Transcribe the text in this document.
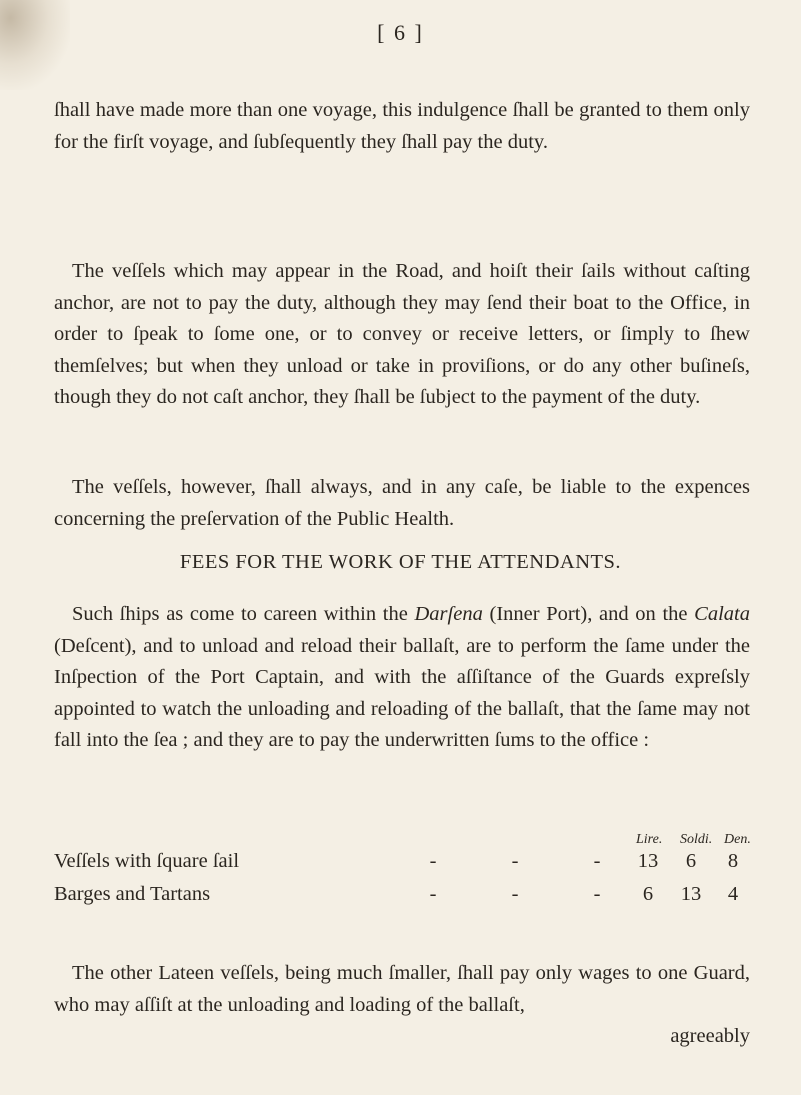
[ 6 ]

ſhall have made more than one voyage, this indulgence ſhall be granted to them only for the firſt voyage, and ſubſequently they ſhall pay the duty.

The veſſels which may appear in the Road, and hoiſt their ſails without caſting anchor, are not to pay the duty, although they may ſend their boat to the Office, in order to ſpeak to ſome one, or to convey or receive letters, or ſimply to ſhew themſelves; but when they unload or take in proviſions, or do any other buſineſs, though they do not caſt anchor, they ſhall be ſubject to the payment of the duty.

The veſſels, however, ſhall always, and in any caſe, be liable to the expences concerning the preſervation of the Public Health.

FEES FOR THE WORK OF THE ATTENDANTS.

Such ſhips as come to careen within the Darſena (Inner Port), and on the Calata (Deſcent), and to unload and reload their ballaſt, are to perform the ſame under the Inſpection of the Port Captain, and with the aſſiſtance of the Guards expreſsly appointed to watch the unloading and reloading of the ballaſt, that the ſame may not fall into the ſea ; and they are to pay the underwritten ſums to the office :

Lire. Soldi. Den.
Veſſels with ſquare ſail	-	-	- 13	6	8
Barges and Tartans	-	-	-	6	13	4

The other Lateen veſſels, being much ſmaller, ſhall pay only wages to one Guard, who may aſſiſt at the unloading and loading of the ballaſt,

agreeably
